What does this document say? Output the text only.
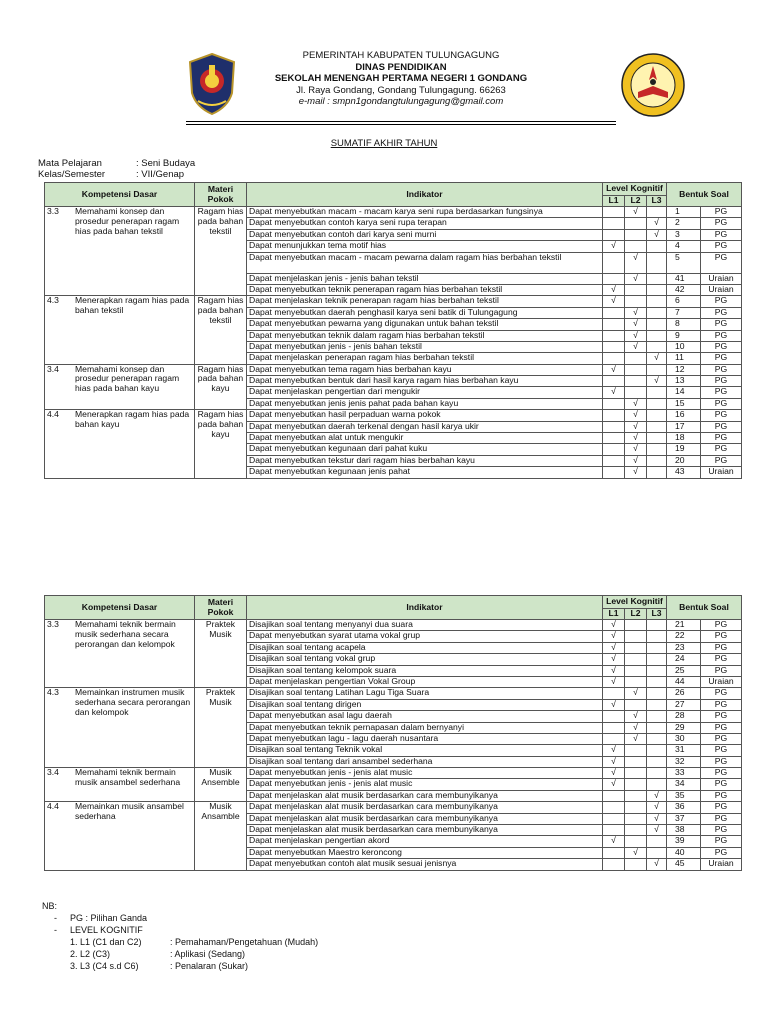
PEMERINTAH KABUPATEN TULUNGAGUNG
DINAS PENDIDIKAN
SEKOLAH MENENGAH PERTAMA NEGERI 1 GONDANG
Jl. Raya Gondang, Gondang Tulungagung. 66263
e-mail : smpn1gondangtulungagung@gmail.com
SUMATIF AKHIR TAHUN
Mata Pelajaran	: Seni Budaya
Kelas/Semester	: VII/Genap
Kompetensi Dasar	Materi Pokok	Indikator	Level Kognitif			Bentuk Soal	
			L1	L2	L3		

3.3 Memahami konsep dan prosedur penerapan ragam hias pada bahan tekstil	Ragam hias pada bahan tekstil	Dapat menyebutkan macam - macam karya seni rupa berdasarkan fungsinya		√		1	PG
		Dapat menyebutkan contoh karya seni rupa terapan			√	2	PG
		Dapat menyebutkan contoh dari karya seni murni			√	3	PG
		Dapat menunjukkan tema motif hias	√			4	PG
		Dapat menyebutkan macam - macam pewarna dalam ragam hias berbahan tekstil		√		5	PG
		Dapat menjelaskan jenis - jenis bahan tekstil		√		41	Uraian
		Dapat menyebutkan teknik penerapan ragam hias berbahan tekstil	√			42	Uraian

4.3 Menerapkan ragam hias pada bahan tekstil	Ragam hias pada bahan tekstil	Dapat menjelaskan teknik penerapan ragam hias berbahan tekstil	√			6	PG
		Dapat menyebutkan daerah penghasil karya seni batik di Tulungagung		√		7	PG
		Dapat menyebutkan pewarna yang digunakan untuk bahan tekstil		√		8	PG
		Dapat menyebutkan teknik dalam ragam hias berbahan tekstil		√		9	PG
		Dapat menyebutkan jenis - jenis bahan tekstil		√		10	PG
		Dapat menjelaskan penerapan ragam hias berbahan tekstil			√	11	PG

3.4 Memahami konsep dan prosedur penerapan ragam hias pada bahan kayu	Ragam hias pada bahan kayu	Dapat menyebutkan tema ragam hias berbahan kayu	√			12	PG
		Dapat menyebutkan bentuk dari hasil karya ragam hias berbahan kayu			√	13	PG
		Dapat menjelaskan pengertian dari mengukir	√			14	PG
		Dapat menyebutkan jenis jenis pahat pada bahan kayu		√		15	PG

4.4 Menerapkan ragam hias pada bahan kayu	Ragam hias pada bahan kayu	Dapat menyebutkan hasil perpaduan warna pokok		√		16	PG
		Dapat menyebutkan daerah terkenal dengan hasil karya ukir		√		17	PG
		Dapat menyebutkan alat untuk mengukir		√		18	PG
		Dapat menyebutkan kegunaan dari pahat kuku		√		19	PG
		Dapat menyebutkan tekstur dari ragam hias berbahan kayu		√		20	PG
		Dapat menyebutkan kegunaan jenis pahat		√		43	Uraian
Kompetensi Dasar	Materi Pokok	Indikator	Level Kognitif			Bentuk Soal	
			L1	L2	L3		

3.3 Memahami teknik bermain musik sederhana secara perorangan dan kelompok	Praktek Musik	Disajikan soal tentang menyanyi dua suara	√			21	PG
		Dapat menyebutkan syarat utama vokal grup	√			22	PG
		Disajikan soal tentang acapela	√			23	PG
		Disajikan soal tentang vokal grup	√			24	PG
		Disajikan soal tentang kelompok suara	√			25	PG
		Dapat menjelaskan pengertian Vokal Group	√			44	Uraian

4.3 Memainkan instrumen musik sederhana secara perorangan dan kelompok	Praktek Musik	Disajikan soal tentang Latihan Lagu Tiga Suara		√		26	PG
		Disajikan soal tentang dirigen	√			27	PG
		Dapat menyebutkan asal lagu daerah		√		28	PG
		Dapat menyebutkan teknik pernapasan dalam bernyanyi		√		29	PG
		Dapat menyebutkan lagu - lagu daerah nusantara		√		30	PG
		Disajikan soal tentang Teknik vokal	√			31	PG
		Disajikan soal tentang dari ansambel sederhana	√			32	PG

3.4 Memahami teknik bermain musik ansambel sederhana	Musik Ansemble	Dapat menyebutkan jenis - jenis alat music	√			33	PG
		Dapat menyebutkan jenis - jenis alat music	√			34	PG
		Dapat menjelaskan alat musik berdasarkan cara membunyikanya			√	35	PG

4.4 Memainkan musik ansambel sederhana	Musik Ansamble	Dapat menjelaskan alat musik berdasarkan cara membunyikanya			√	36	PG
		Dapat menjelaskan alat musik berdasarkan cara membunyikanya			√	37	PG
		Dapat menjelaskan alat musik berdasarkan cara membunyikanya			√	38	PG
		Dapat menjelaskan pengertian akord	√			39	PG
		Dapat menyebutkan Maestro keroncong		√		40	PG
		Dapat menyebutkan contoh alat musik sesuai jenisnya			√	45	Uraian
NB:
-	PG : Pilihan Ganda
-	LEVEL KOGNITIF
1. L1 (C1 dan C2)	: Pemahaman/Pengetahuan (Mudah)
2. L2 (C3)	: Aplikasi (Sedang)
3. L3 (C4 s.d C6)	: Penalaran (Sukar)
